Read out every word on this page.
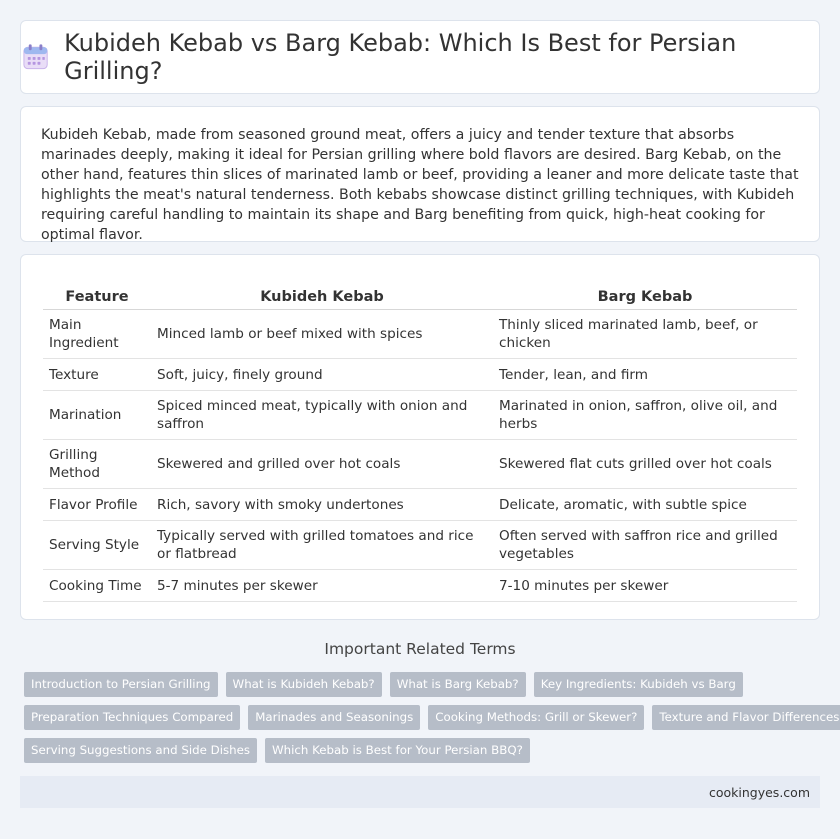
Kubideh Kebab vs Barg Kebab: Which Is Best for Persian Grilling?

Kubideh Kebab, made from seasoned ground meat, offers a juicy and tender texture that absorbs marinades deeply, making it ideal for Persian grilling where bold flavors are desired. Barg Kebab, on the other hand, features thin slices of marinated lamb or beef, providing a leaner and more delicate taste that highlights the meat's natural tenderness. Both kebabs showcase distinct grilling techniques, with Kubideh requiring careful handling to maintain its shape and Barg benefiting from quick, high-heat cooking for optimal flavor.

Feature	Kubideh Kebab	Barg Kebab
Main Ingredient	Minced lamb or beef mixed with spices	Thinly sliced marinated lamb, beef, or chicken
Texture	Soft, juicy, finely ground	Tender, lean, and firm
Marination	Spiced minced meat, typically with onion and saffron	Marinated in onion, saffron, olive oil, and herbs
Grilling Method	Skewered and grilled over hot coals	Skewered flat cuts grilled over hot coals
Flavor Profile	Rich, savory with smoky undertones	Delicate, aromatic, with subtle spice
Serving Style	Typically served with grilled tomatoes and rice or flatbread	Often served with saffron rice and grilled vegetables
Cooking Time	5-7 minutes per skewer	7-10 minutes per skewer
Important Related Terms
Introduction to Persian Grilling	What is Kubideh Kebab?	What is Barg Kebab?	Key Ingredients: Kubideh vs Barg
Preparation Techniques Compared	Marinades and Seasonings	Cooking Methods: Grill or Skewer?	Texture and Flavor Differences
Serving Suggestions and Side Dishes	Which Kebab is Best for Your Persian BBQ?
cookingyes.com
